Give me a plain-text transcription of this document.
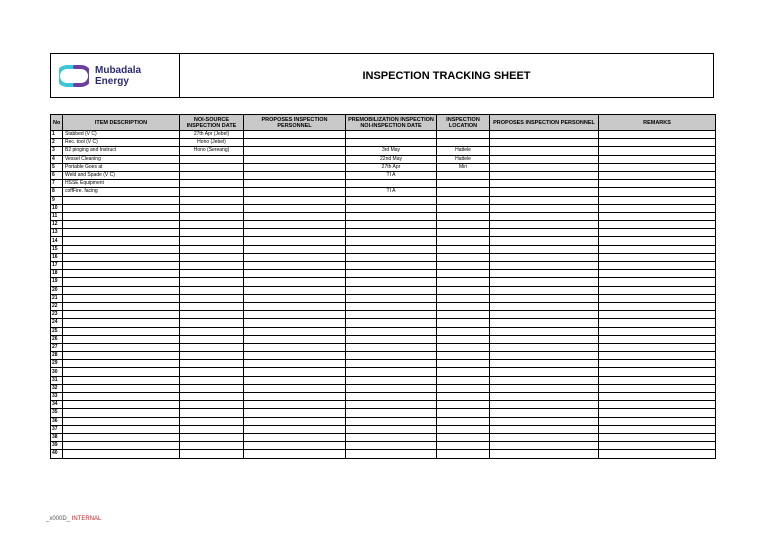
Mubadala
Energy	INSPECTION TRACKING SHEET
No	ITEM DESCRIPTION	NOI-SOURCE INSPECTION DATE	PROPOSES INSPECTION PERSONNEL	PREMOBILIZATION INSPECTION NOI-INSPECTION DATE	INSPECTION LOCATION	PROPOSES INSPECTION PERSONNEL	REMARKS
1	Stabbed (V C)	27th Apr (Jebel)					
2	Rec. tool (V C)	Hono (Jebel)					
3	B2 pinging and Instruct	Hono (Sereang)		3rd May	Hattele		
4	Vessel Cleaning			22nd May	Hattele		
5	Portable Goes at			27th Apr	Miri		
6	Weld and Spade (V C)			TI A			
7	HSSE Equipment						
8	coffFire. facing			TI A			
9							
10							
11							
12							
13							
14							
15							
16							
17							
18							
19							
20							
21							
22							
23							
24							
25							
26							
27							
28							
29							
30							
31							
32							
33							
34							
35							
36							
37							
38							
39							
40							
_x000D_ INTERNAL
